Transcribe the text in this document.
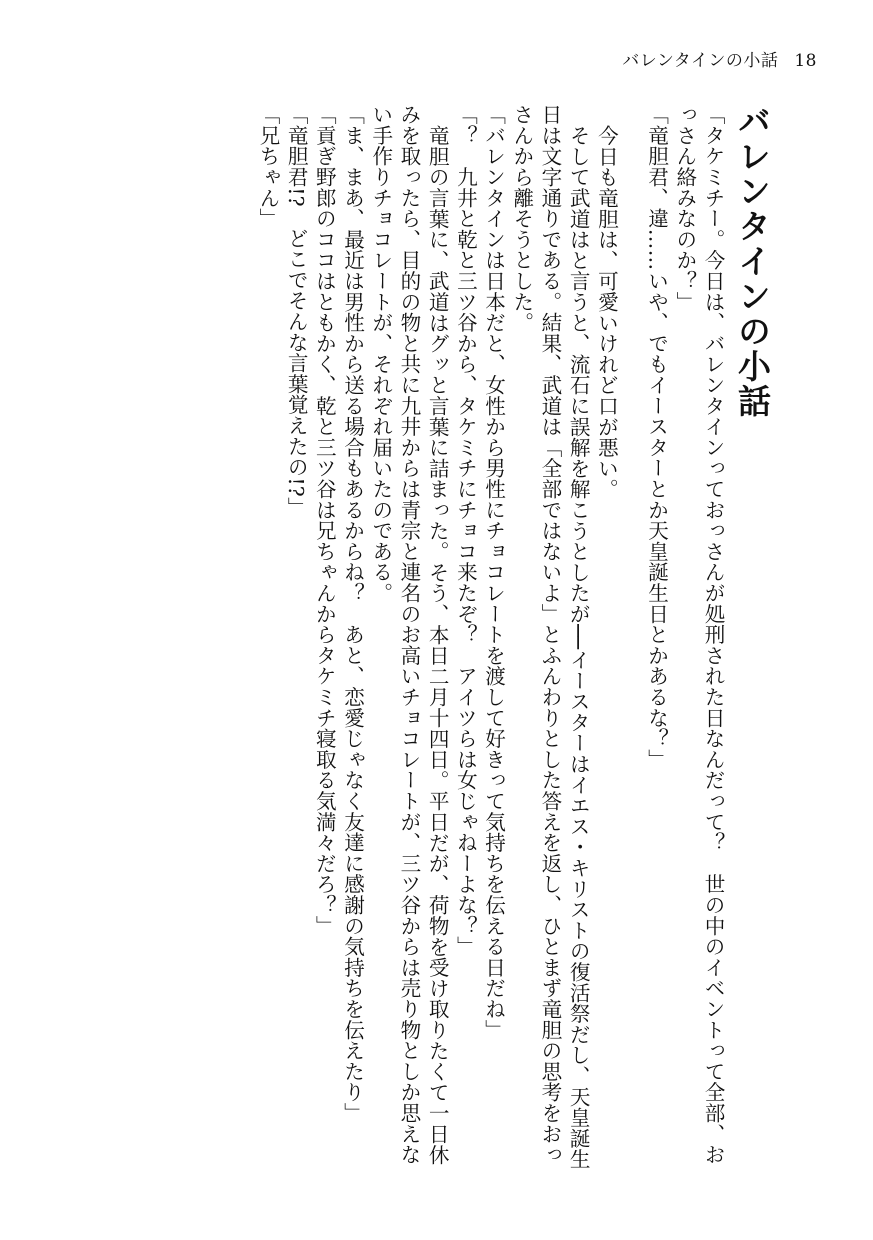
バレンタインの小話 18
バレンタインの小話

「タケミチー。今日は、バレンタインっておっさんが処刑された日なんだって？　世の中のイベントって全部、おっさん絡みなのか？」

「竜胆君、違……いや、でもイースターとか天皇誕生日とかあるな？」

今日も竜胆は、可愛いけれど口が悪い。

そして武道はと言うと、流石に誤解を解こうとしたが──イースターはイエス・キリストの復活祭だし、天皇誕生日は文字通りである。結果、武道は「全部ではないよ」とふんわりとした答えを返し、ひとまず竜胆の思考をおっさんから離そうとした。

「バレンタインは日本だと、女性から男性にチョコレートを渡して好きって気持ちを伝える日だね」

「？　九井と乾と三ツ谷から、タケミチにチョコ来たぞ？　アイツらは女じゃねーよな？」

竜胆の言葉に、武道はグッと言葉に詰まった。そう、本日二月十四日。平日だが、荷物を受け取りたくて一日休みを取ったら、目的の物と共に九井からは青宗と連名のお高いチョコレートが、三ツ谷からは売り物としか思えない手作りチョコレートが、それぞれ届いたのである。

「ま、まあ、最近は男性から送る場合もあるからね？　あと、恋愛じゃなく友達に感謝の気持ちを伝えたり」

「貢ぎ野郎のココはともかく、乾と三ツ谷は兄ちゃんからタケミチ寝取る気満々だろ？」

「竜胆君!?　どこでそんな言葉覚えたの!?」

「兄ちゃん」
